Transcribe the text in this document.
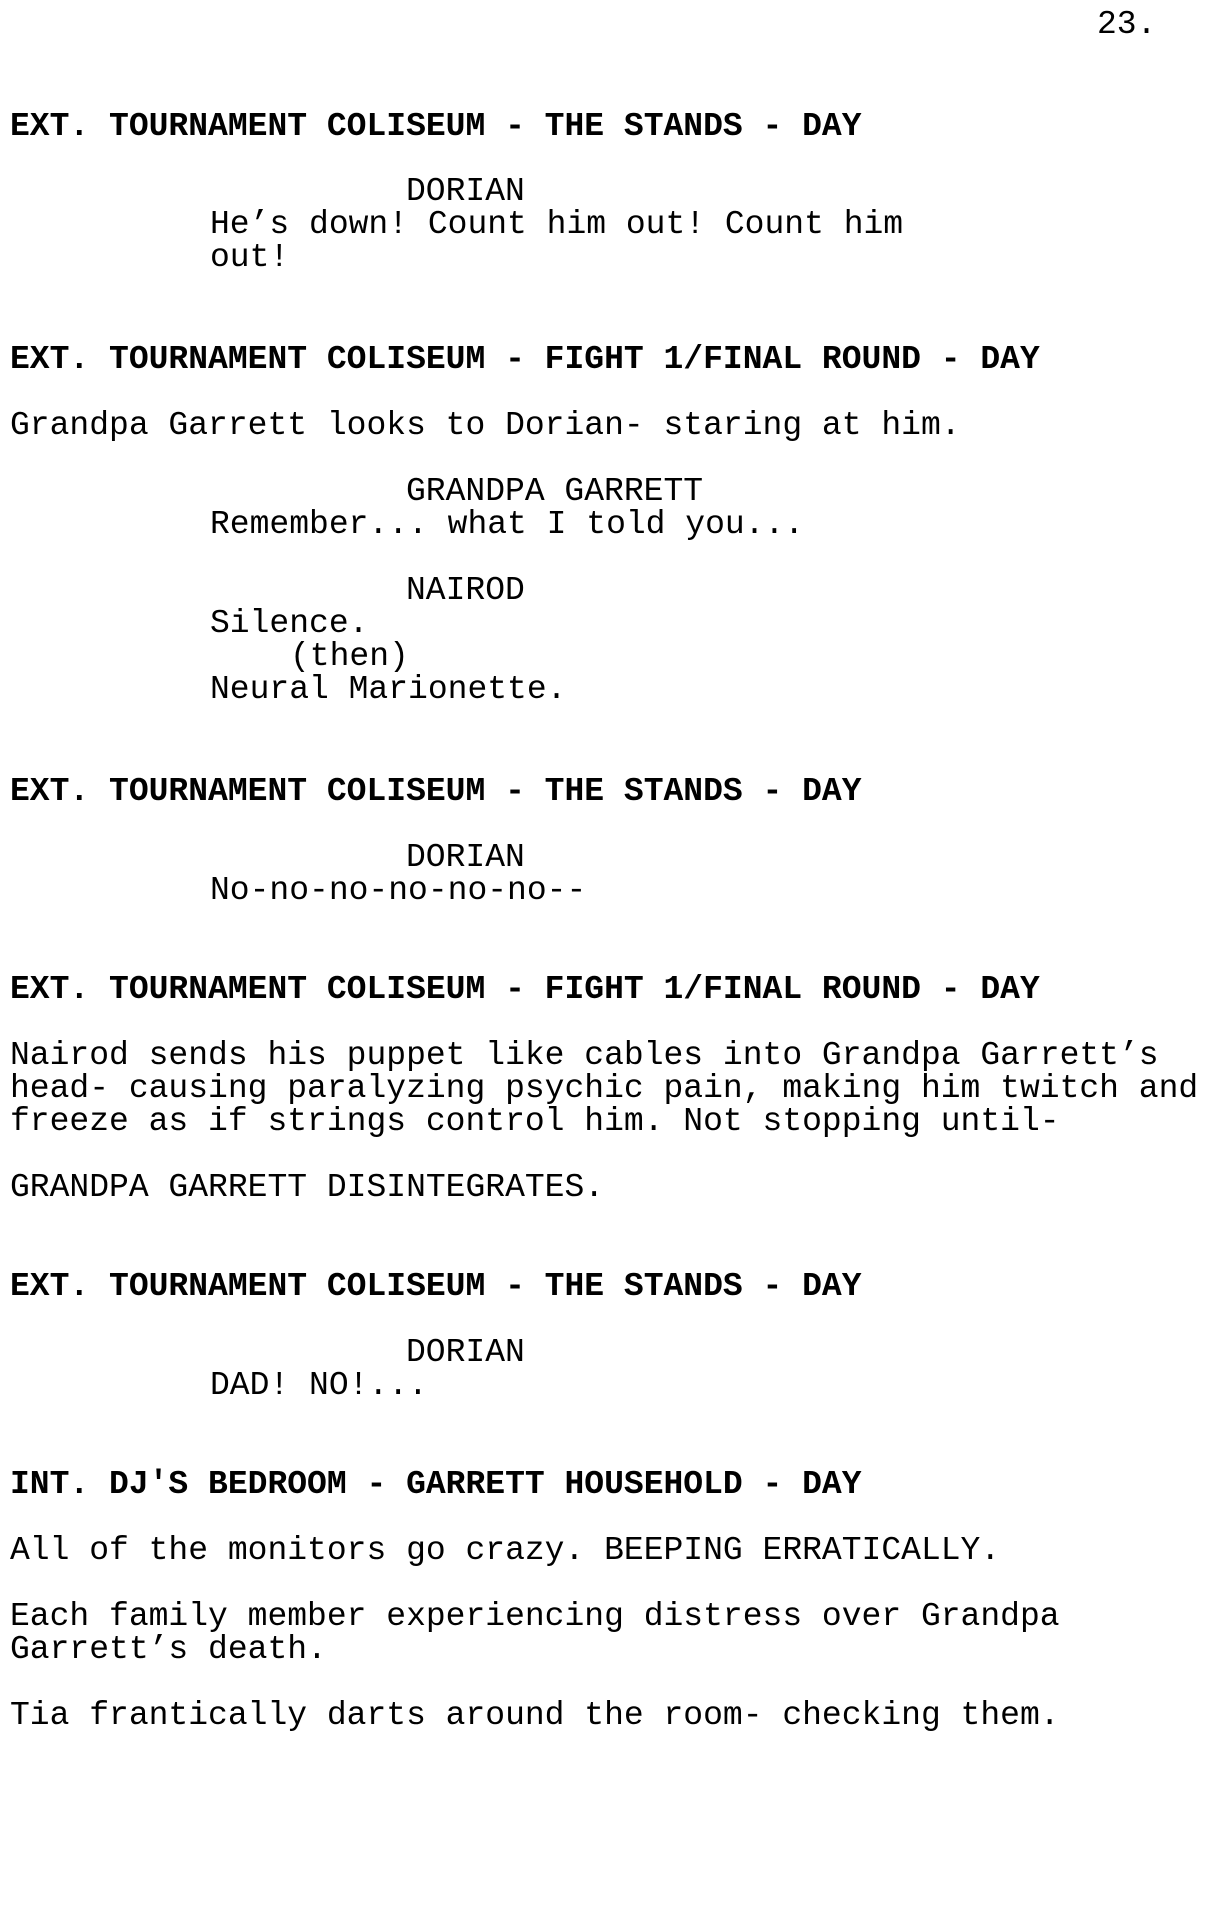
23.
EXT. TOURNAMENT COLISEUM - THE STANDS - DAY
DORIAN
He’s down! Count him out! Count him
out!
EXT. TOURNAMENT COLISEUM - FIGHT 1/FINAL ROUND - DAY
Grandpa Garrett looks to Dorian- staring at him.
GRANDPA GARRETT
Remember... what I told you...
NAIROD
Silence.
(then)
Neural Marionette.
EXT. TOURNAMENT COLISEUM - THE STANDS - DAY
DORIAN
No-no-no-no-no-no--
EXT. TOURNAMENT COLISEUM - FIGHT 1/FINAL ROUND - DAY
Nairod sends his puppet like cables into Grandpa Garrett’s
head- causing paralyzing psychic pain, making him twitch and
freeze as if strings control him. Not stopping until-
GRANDPA GARRETT DISINTEGRATES.
EXT. TOURNAMENT COLISEUM - THE STANDS - DAY
DORIAN
DAD! NO!...
INT. DJ'S BEDROOM - GARRETT HOUSEHOLD - DAY
All of the monitors go crazy. BEEPING ERRATICALLY.
Each family member experiencing distress over Grandpa
Garrett’s death.
Tia frantically darts around the room- checking them.
